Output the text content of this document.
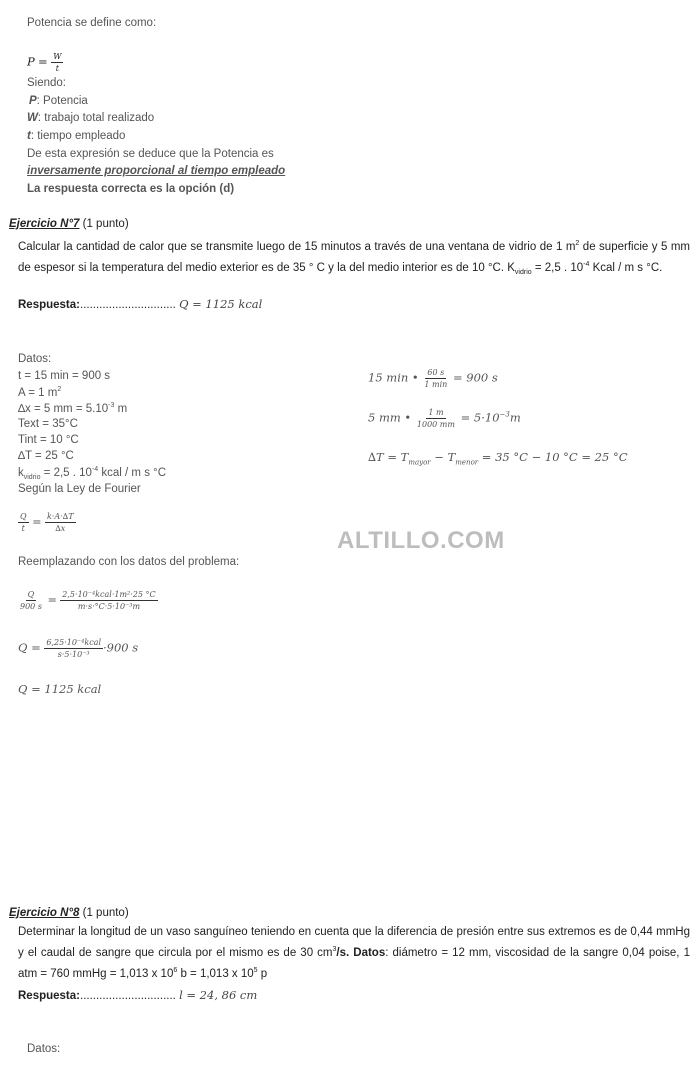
Potencia se define como:
$P = \frac{W}{t}$
Siendo:
P: Potencia
W: trabajo total realizado
t: tiempo empleado
De esta expresión se deduce que la Potencia es
inversamente proporcional al tiempo empleado
La respuesta correcta es la opción (d)
Ejercicio N°7 (1 punto)
Calcular la cantidad de calor que se transmite luego de 15 minutos a través de una ventana de vidrio de 1 $m^2$ de superficie y 5 mm de espesor si la temperatura del medio exterior es de 35 ° C y la del medio interior es de 10 °C. $K_{vidrio} = 2,5$ . $10^{-4}$ Kcal / m s °C.
Respuesta:.............................. Q = 1125 kcal
Datos:
t = 15 min = 900 s
A = 1 $m^2$
∆x = 5 mm = $5.10^{-3}$ m
Text = 35°C
Tint = 10 °C
∆T = 25 °C
$k_{vidrio} = 2,5$ . $10^{-4}$ kcal / m s °C
Según la Ley de Fourier
15 min • $\frac{60 s}{1 \min} = 900$ s
5 mm • $\frac{1 m}{1000 mm} = 5\cdot 10^{-3}m$
$\Delta T = T_{mayor} - T_{menor} = 35$ °C − 10 °C = 25 °C
$\frac{Q}{t} = \frac{k\cdot A\cdot\Delta T}{\Delta x}$
ALTILLO.COM
Reemplazando con los datos del problema:
$\frac{Q}{900 s} = \frac{\text{2,5·10⁻⁴kcal·1m²·25 °C}}{\text{m·s·°C·5·10⁻³m}}$
$Q = \frac{\text{6,25·10⁻⁴kcal}}{\text{s·5·10⁻³}} \cdot 900$ s
Q = 1125 kcal
Ejercicio N°8 (1 punto)
Determinar la longitud de un vaso sanguíneo teniendo en cuenta que la diferencia de presión entre sus extremos es de 0,44 mmHg y el caudal de sangre que circula por el mismo es de 30 $cm^3/s$. Datos: diámetro = 12 mm, viscosidad de la sangre 0,04 poise, 1 atm = 760 mmHg = 1,013 x $10^6$ b = 1,013 x $10^5$ p
Respuesta:.............................. l = 24, 86 cm
Datos:
